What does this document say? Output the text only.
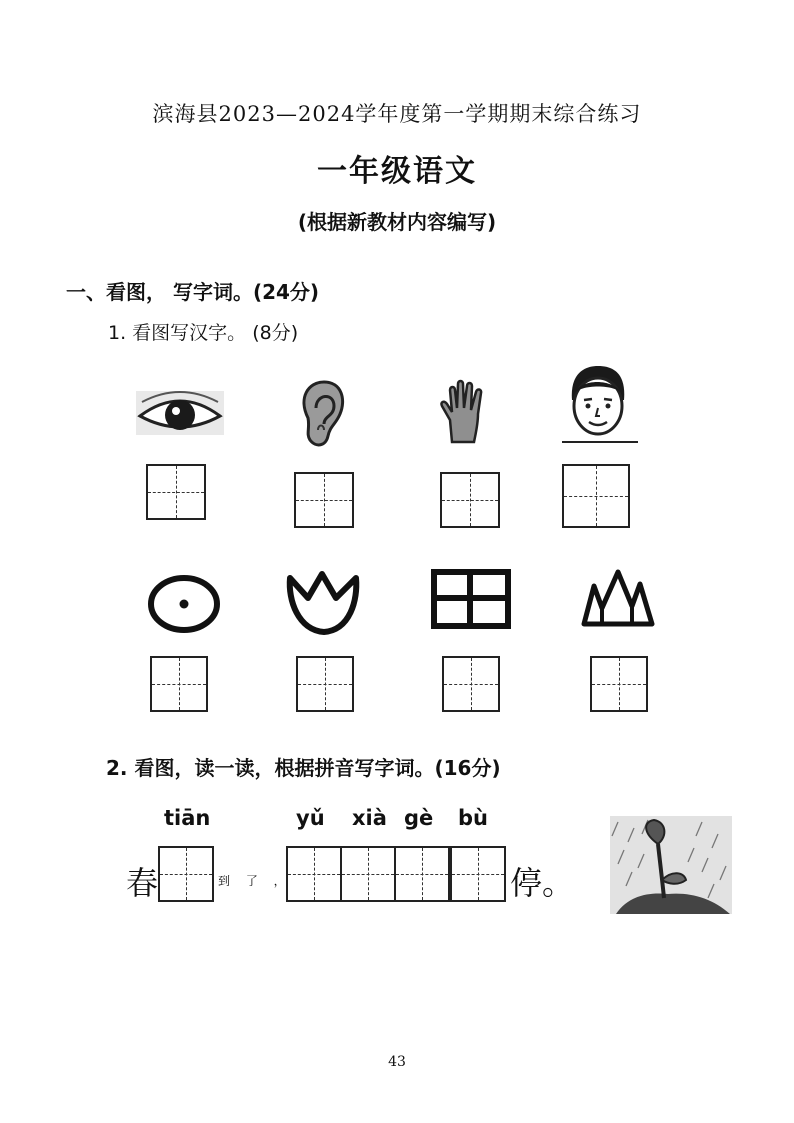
滨海县2023—2024学年度第一学期期末综合练习
一年级语文
(根据新教材内容编写)
一、看图， 写字词。(24分)
1. 看图写汉字。 (8分)
2. 看图，读一读，根据拼音写字词。(16分)
tiān	yǔ xià gè bù
春	到 了 ，	停。
43
